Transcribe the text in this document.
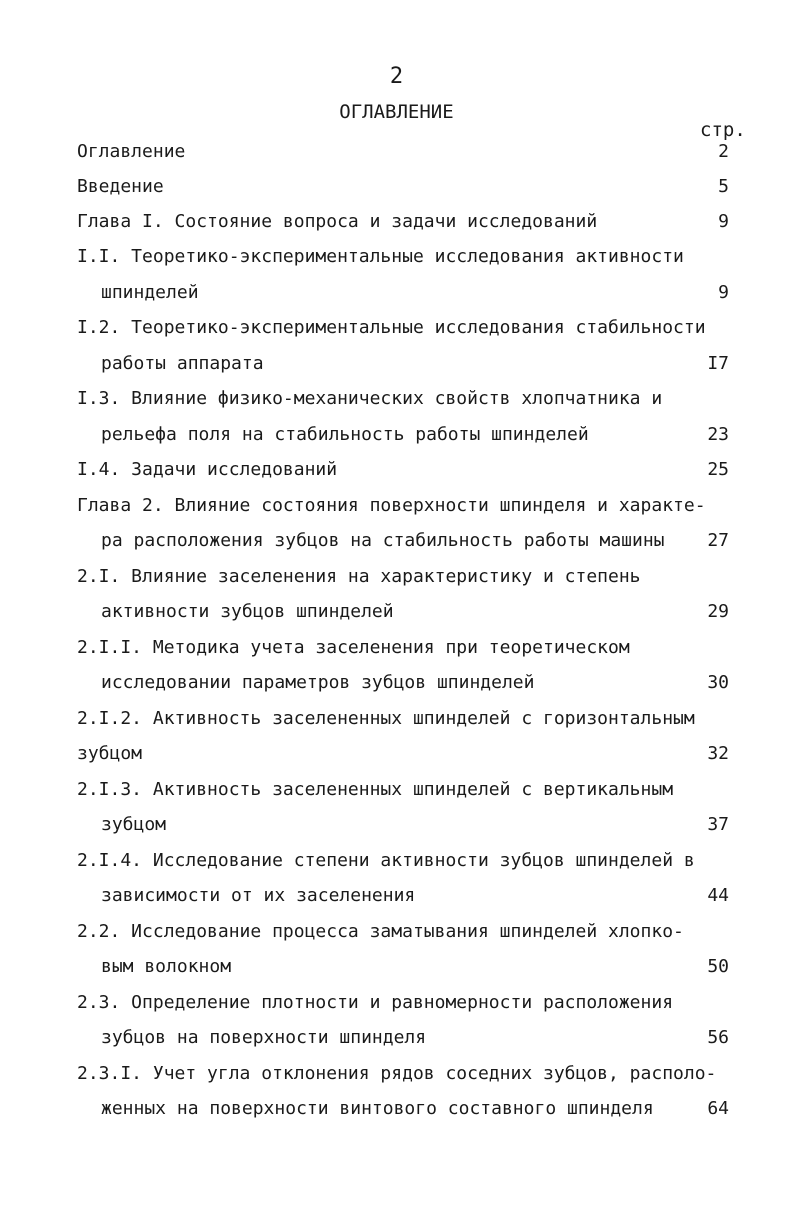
2
ОГЛАВЛЕНИЕ
стр.
Оглавление	2
Введение	5
Глава I. Состояние вопроса и задачи исследований	9
I.I. Теоретико-экспериментальные исследования активности
шпинделей	9
I.2. Теоретико-экспериментальные исследования стабильности
работы аппарата	I7
I.3. Влияние физико-механических свойств хлопчатника и
рельефа поля на стабильность работы шпинделей	23
I.4. Задачи исследований	25
Глава 2. Влияние состояния поверхности шпинделя и характе-
ра расположения зубцов на стабильность работы машины 27
2.I. Влияние заселенения на характеристику и степень
активности зубцов шпинделей	29
2.I.I. Методика учета заселенения при теоретическом
исследовании параметров зубцов шпинделей	30
2.I.2. Активность заселененных шпинделей с горизонтальным
зубцом	32
2.I.3. Активность заселененных шпинделей с вертикальным
зубцом	37
2.I.4. Исследование степени активности зубцов шпинделей в
зависимости от их заселенения	44
2.2. Исследование процесса заматывания шпинделей хлопко-
вым волокном	50
2.3. Определение плотности и равномерности расположения
зубцов на поверхности шпинделя	56
2.3.I. Учет угла отклонения рядов соседних зубцов, располо-
женных на поверхности винтового составного шпинделя	64
